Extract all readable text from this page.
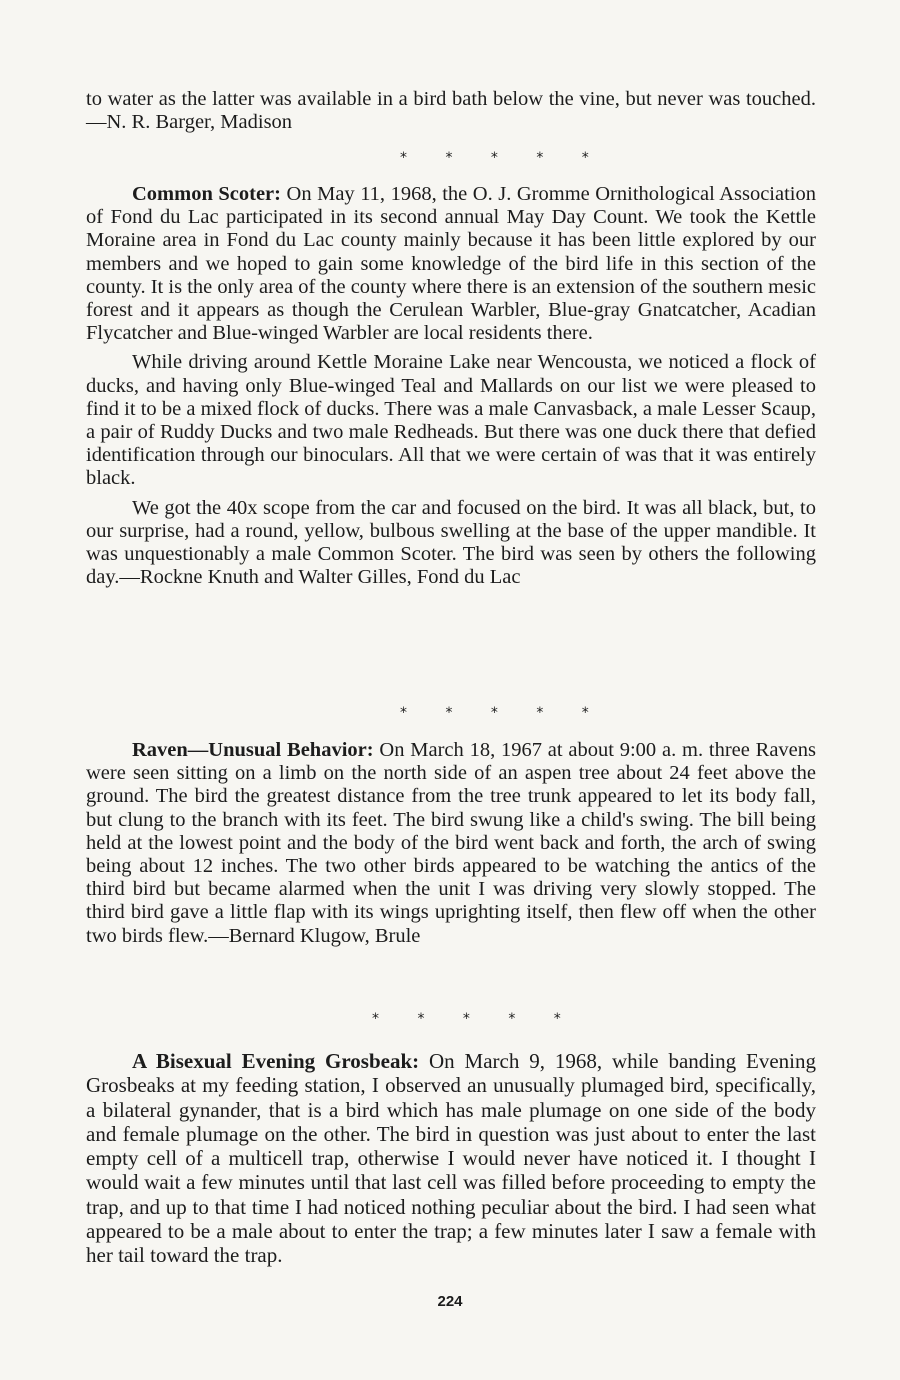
to water as the latter was available in a bird bath below the vine, but never was touched.—N. R. Barger, Madison

* * * * *

Common Scoter: On May 11, 1968, the O. J. Gromme Ornithological Association of Fond du Lac participated in its second annual May Day Count. We took the Kettle Moraine area in Fond du Lac county mainly because it has been little explored by our members and we hoped to gain some knowledge of the bird life in this section of the county. It is the only area of the county where there is an extension of the southern mesic forest and it appears as though the Cerulean Warbler, Blue-gray Gnatcatcher, Acadian Flycatcher and Blue-winged Warbler are local residents there.

While driving around Kettle Moraine Lake near Wencousta, we noticed a flock of ducks, and having only Blue-winged Teal and Mallards on our list we were pleased to find it to be a mixed flock of ducks. There was a male Canvasback, a male Lesser Scaup, a pair of Ruddy Ducks and two male Redheads. But there was one duck there that defied identification through our binoculars. All that we were certain of was that it was entirely black.

We got the 40x scope from the car and focused on the bird. It was all black, but, to our surprise, had a round, yellow, bulbous swelling at the base of the upper mandible. It was unquestionably a male Common Scoter. The bird was seen by others the following day.—Rockne Knuth and Walter Gilles, Fond du Lac

* * * * *

Raven—Unusual Behavior: On March 18, 1967 at about 9:00 a. m. three Ravens were seen sitting on a limb on the north side of an aspen tree about 24 feet above the ground. The bird the greatest distance from the tree trunk appeared to let its body fall, but clung to the branch with its feet. The bird swung like a child's swing. The bill being held at the lowest point and the body of the bird went back and forth, the arch of swing being about 12 inches. The two other birds appeared to be watching the antics of the third bird but became alarmed when the unit I was driving very slowly stopped. The third bird gave a little flap with its wings uprighting itself, then flew off when the other two birds flew.—Bernard Klugow, Brule

* * * * *

A Bisexual Evening Grosbeak: On March 9, 1968, while banding Evening Grosbeaks at my feeding station, I observed an unusually plumaged bird, specifically, a bilateral gynander, that is a bird which has male plumage on one side of the body and female plumage on the other. The bird in question was just about to enter the last empty cell of a multicell trap, otherwise I would never have noticed it. I thought I would wait a few minutes until that last cell was filled before proceeding to empty the trap, and up to that time I had noticed nothing peculiar about the bird. I had seen what appeared to be a male about to enter the trap; a few minutes later I saw a female with her tail toward the trap.

224
